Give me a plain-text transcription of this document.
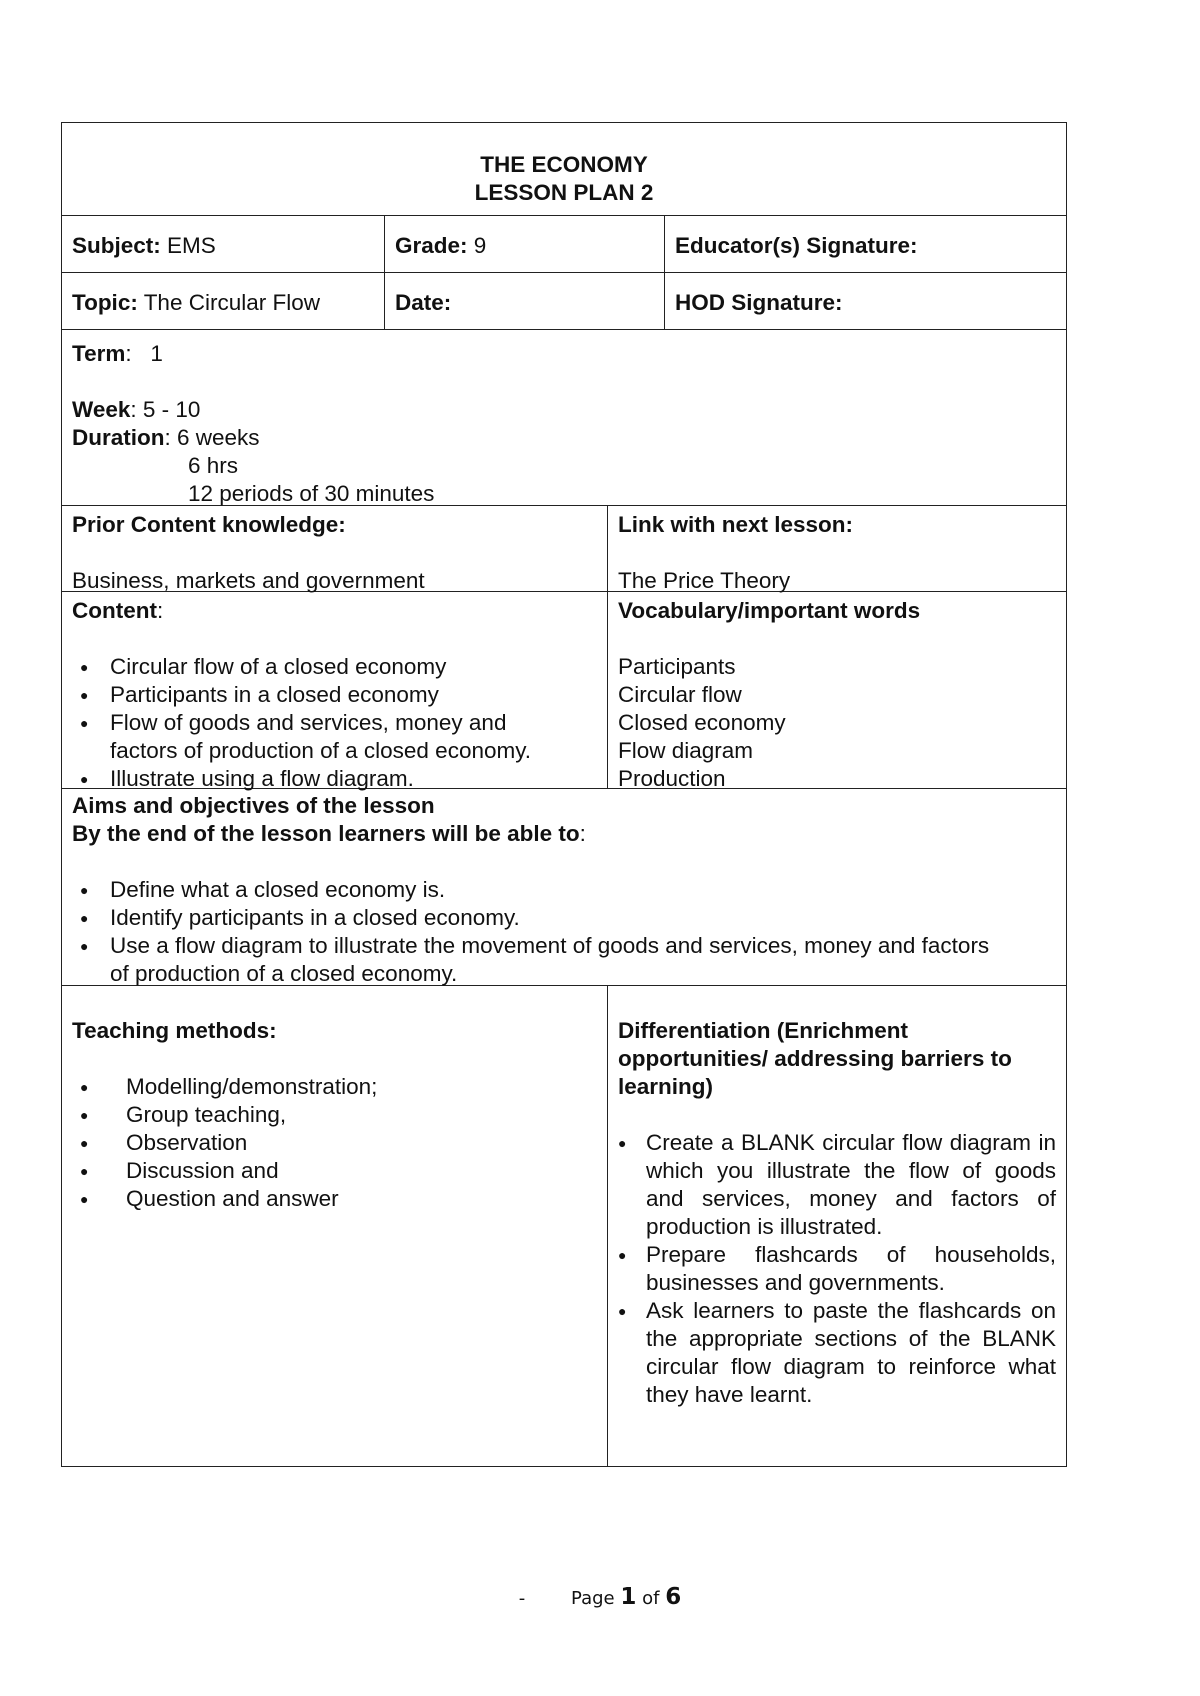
THE ECONOMY
LESSON PLAN 2
Subject: EMS	Grade: 9	Educator(s) Signature:
Topic: The Circular Flow	Date:	HOD Signature:
Term:   1
Week: 5 - 10
Duration: 6 weeks
6 hrs
12 periods of 30 minutes
Prior Content knowledge:
Business, markets and government
Link with next lesson:
The Price Theory
Content:
● Circular flow of a closed economy
● Participants in a closed economy
● Flow of goods and services, money and factors of production of a closed economy.
● Illustrate using a flow diagram.
Vocabulary/important words
Participants
Circular flow
Closed economy
Flow diagram
Production
Aims and objectives of the lesson
By the end of the lesson learners will be able to:
● Define what a closed economy is.
● Identify participants in a closed economy.
● Use a flow diagram to illustrate the movement of goods and services, money and factors of production of a closed economy.
Teaching methods:
● Modelling/demonstration;
● Group teaching,
● Observation
● Discussion and
● Question and answer
Differentiation (Enrichment opportunities/ addressing barriers to learning)
● Create a BLANK circular flow diagram in which you illustrate the flow of goods and services, money and factors of production is illustrated.
● Prepare flashcards of households, businesses and governments.
● Ask learners to paste the flashcards on the appropriate sections of the BLANK circular flow diagram to reinforce what they have learnt.
-	Page 1 of 6
